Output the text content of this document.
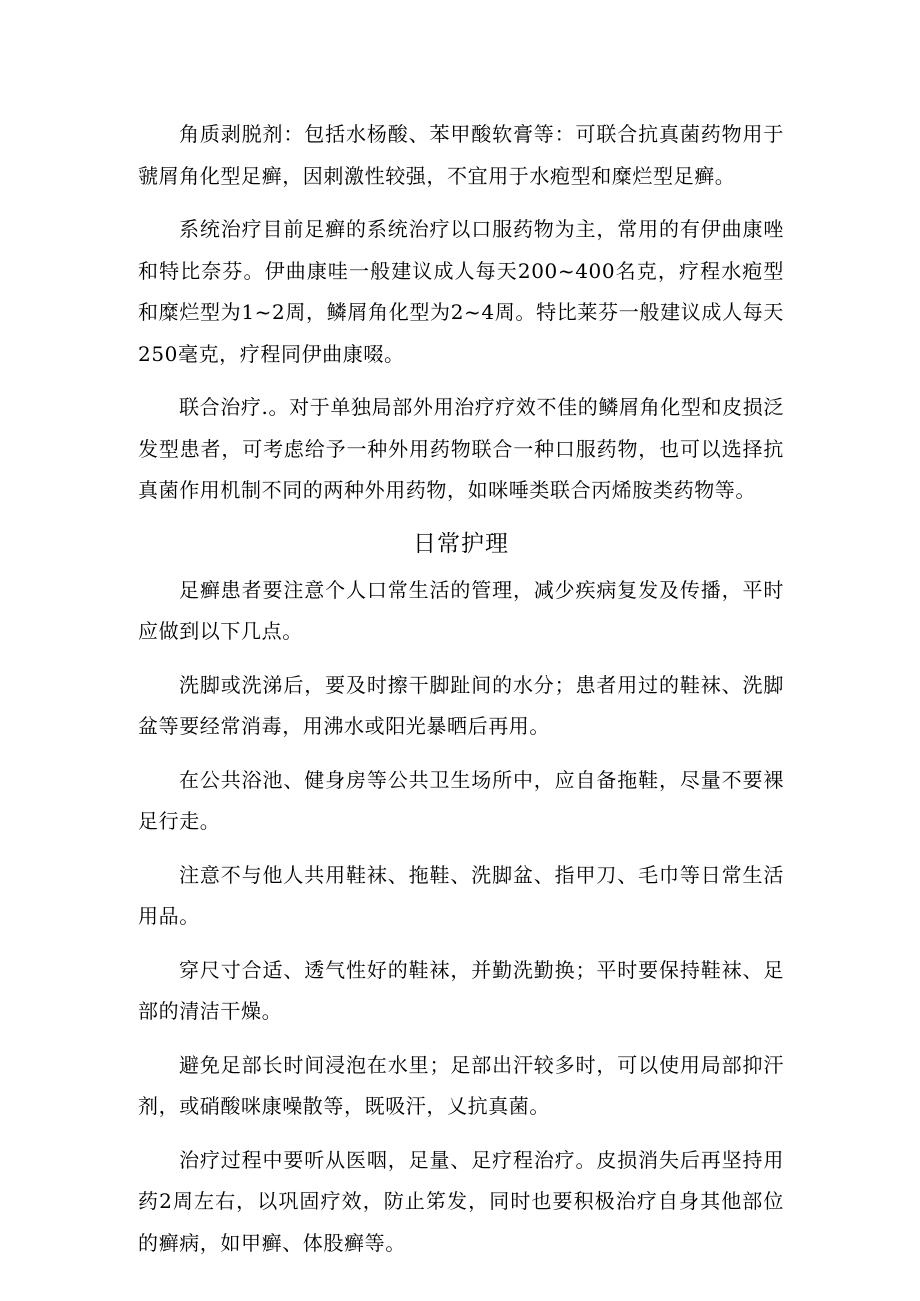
角质剥脱剂：包括水杨酸、苯甲酸软膏等：可联合抗真菌药物用于虢屑角化型足癣，因刺激性较强，不宜用于水疱型和糜烂型足癣。

系统治疗目前足癣的系统治疗以口服药物为主，常用的有伊曲康唑和特比奈芬。伊曲康哇一般建议成人每天200~400名克，疗程水疱型和糜烂型为1~2周，鳞屑角化型为2~4周。特比莱芬一般建议成人每天250毫克，疗程同伊曲康啜。

联合治疗.。对于单独局部外用治疗疗效不佳的鳞屑角化型和皮损泛发型患者，可考虑给予一种外用药物联合一种口服药物，也可以选择抗真菌作用机制不同的两种外用药物，如咪唾类联合丙烯胺类药物等。

日常护理

足癣患者要注意个人口常生活的管理，减少疾病复发及传播，平时应做到以下几点。

洗脚或洗涕后，要及时擦干脚趾间的水分；患者用过的鞋袜、洗脚盆等要经常消毒，用沸水或阳光暴晒后再用。

在公共浴池、健身房等公共卫生场所中，应自备拖鞋，尽量不要裸足行走。

注意不与他人共用鞋袜、拖鞋、洗脚盆、指甲刀、毛巾等日常生活用品。

穿尺寸合适、透气性好的鞋袜，并勤洗勤换；平时要保持鞋袜、足部的清洁干燥。

避免足部长时间浸泡在水里；足部出汗较多时，可以使用局部抑汗剂，或硝酸咪康噪散等，既吸汗，乂抗真菌。

治疗过程中要听从医咽，足量、足疗程治疗。皮损消失后再坚持用药2周左右，以巩固疗效，防止笫发，同时也要积极治疗自身其他部位的癣病，如甲癣、体股癣等。
